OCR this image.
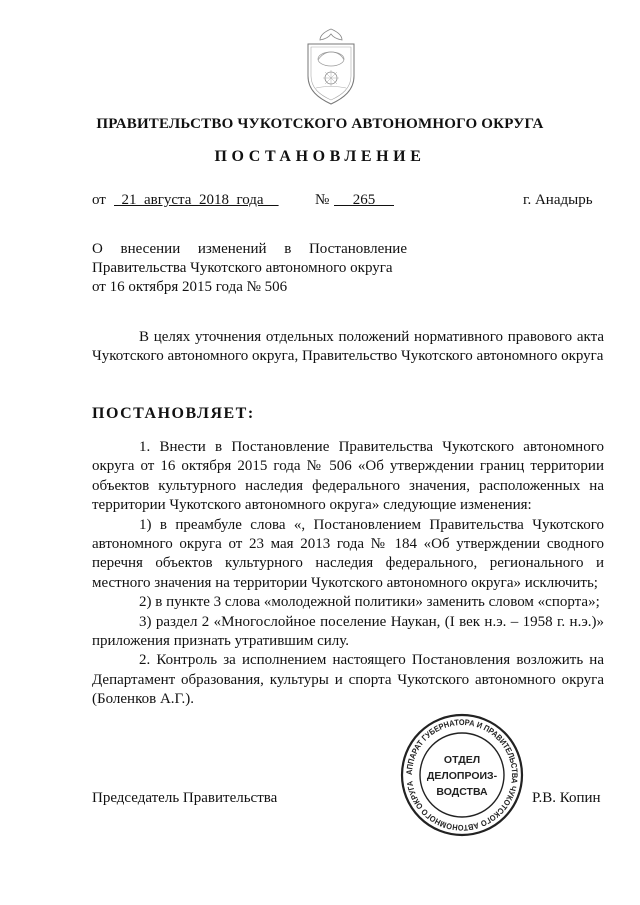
ПРАВИТЕЛЬСТВО ЧУКОТСКОГО АВТОНОМНОГО ОКРУГА
ПОСТАНОВЛЕНИЕ
от 21  августа  2018  года № 265	г. Анадырь
О внесении изменений в Постановление
Правительства Чукотского автономного округа
от 16 октября 2015 года № 506
В целях уточнения отдельных положений нормативного правового акта Чукотского автономного округа, Правительство Чукотского автономного округа
ПОСТАНОВЛЯЕТ:

1. Внести в Постановление Правительства Чукотского автономного округа от 16 октября 2015 года № 506 «Об утверждении границ территории объектов культурного наследия федерального значения, расположенных на территории Чукотского автономного округа» следующие изменения:

1) в преамбуле слова «, Постановлением Правительства Чукотского автономного округа от 23 мая 2013 года № 184 «Об утверждении сводного перечня объектов культурного наследия федерального, регионального и местного значения на территории Чукотского автономного округа» исключить;

2) в пункте 3 слова «молодежной политики» заменить словом «спорта»;

3) раздел 2 «Многослойное поселение Наукан, (I век н.э. – 1958 г. н.э.)» приложения признать утратившим силу.

2. Контроль за исполнением настоящего Постановления возложить на Департамент образования, культуры и спорта Чукотского автономного округа (Боленков А.Г.).

Председатель Правительства	Р.В. Копин
АППАРАТ ГУБЕРНАТОРА И ПРАВИТЕЛЬСТВА ЧУКОТСКОГО АВТОНОМНОГО ОКРУГА
ОТДЕЛ
ДЕЛОПРОИЗ-
ВОДСТВА
